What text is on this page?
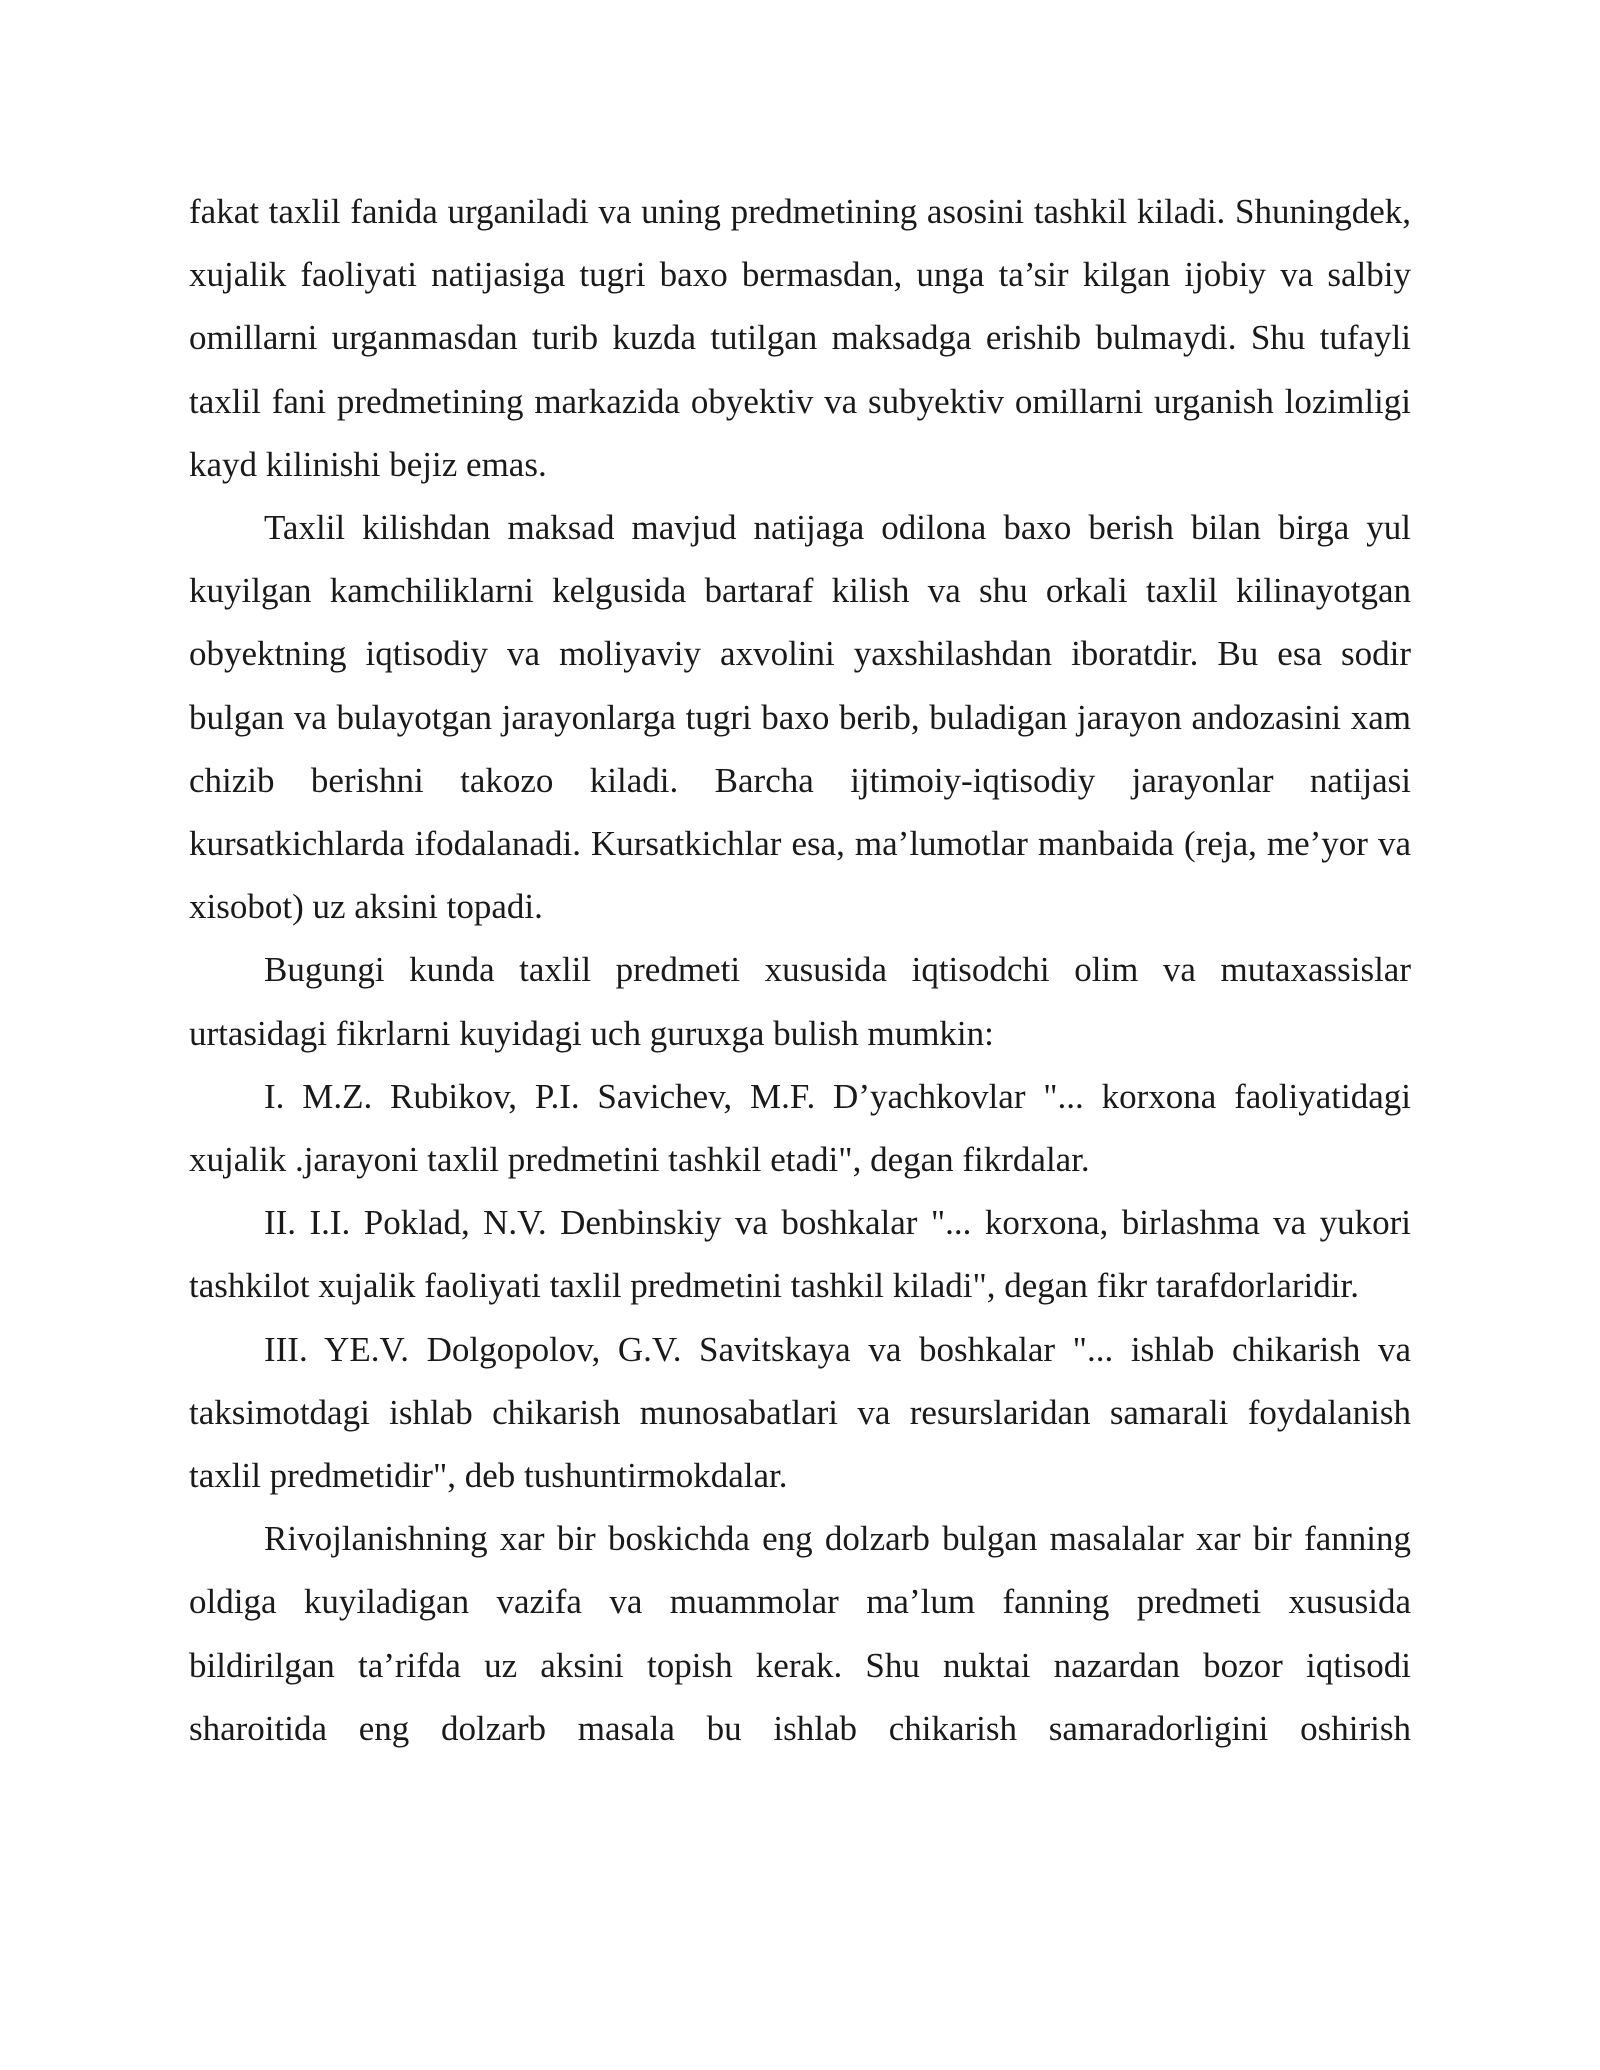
fakat taxlil fanida urganiladi va uning predmetining asosini tashkil kiladi. Shuningdek, xujalik faoliyati natijasiga tugri baxo bermasdan, unga ta’sir kilgan ijobiy va salbiy omillarni urganmasdan turib kuzda tutilgan maksadga erishib bulmaydi. Shu tufayli taxlil fani predmetining markazida obyektiv va subyektiv omillarni urganish lozimligi kayd kilinishi bejiz emas.

Taxlil kilishdan maksad mavjud natijaga odilona baxo berish bilan birga yul kuyilgan kamchiliklarni kelgusida bartaraf kilish va shu orkali taxlil kilinayotgan obyektning iqtisodiy va moliyaviy axvolini yaxshilashdan iboratdir. Bu esa sodir bulgan va bulayotgan jarayonlarga tugri baxo berib, buladigan jarayon andozasini xam chizib berishni takozo kiladi. Barcha ijtimoiy-iqtisodiy jarayonlar natijasi kursatkichlarda ifodalanadi. Kursatkichlar esa, ma’lumotlar manbaida (reja, me’yor va xisobot) uz aksini topadi.

Bugungi kunda taxlil predmeti xususida iqtisodchi olim va mutaxassislar urtasidagi fikrlarni kuyidagi uch guruxga bulish mumkin:

I. M.Z. Rubikov, P.I. Savichev, M.F. D’yachkovlar "... korxona faoliyatidagi xujalik .jarayoni taxlil predmetini tashkil etadi", degan fikrdalar.

II. I.I. Poklad, N.V. Denbinskiy va boshkalar "... korxona, birlashma va yukori tashkilot xujalik faoliyati taxlil predmetini tashkil kiladi", degan fikr tarafdorlaridir.

III. YE.V. Dolgopolov, G.V. Savitskaya va boshkalar "... ishlab chikarish va taksimotdagi ishlab chikarish munosabatlari va resurslaridan samarali foydalanish taxlil predmetidir", deb tushuntirmokdalar.

Rivojlanishning xar bir boskichda eng dolzarb bulgan masalalar xar bir fanning oldiga kuyiladigan vazifa va muammolar ma’lum fanning predmeti xususida bildirilgan ta’rifda uz aksini topish kerak. Shu nuktai nazardan bozor iqtisodi sharoitida eng dolzarb masala bu ishlab chikarish samaradorligini oshirish
